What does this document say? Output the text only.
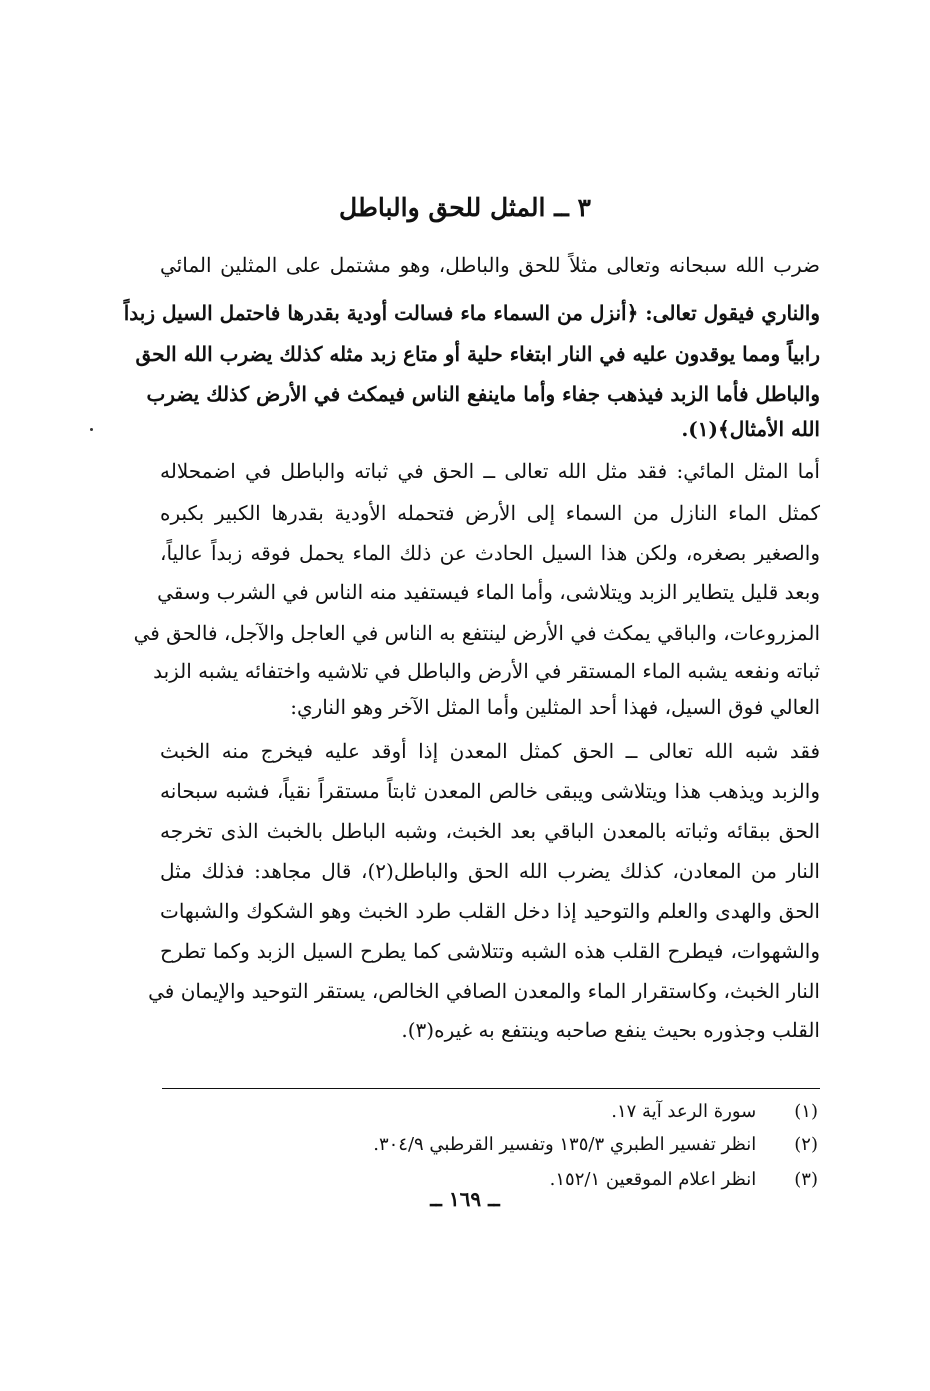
٣ ــ المثل للحق والباطل
ضرب الله سبحانه وتعالى مثلاً للحق والباطل، وهو مشتمل على المثلين المائي
والناري فيقول تعالى: ﴿أنزل من السماء ماء فسالت أودية بقدرها فاحتمل السيل زبداً
رابياً ومما يوقدون عليه في النار ابتغاء حلية أو متاع زبد مثله كذلك يضرب الله الحق
والباطل فأما الزبد فيذهب جفاء وأما ماينفع الناس فيمكث في الأرض كذلك يضرب
الله الأمثال﴾(١).
أما المثل المائي: فقد مثل الله تعالى ــ الحق في ثباته والباطل في اضمحلاله
كمثل الماء النازل من السماء إلى الأرض فتحمله الأودية بقدرها الكبير بكبره
والصغير بصغره، ولكن هذا السيل الحادث عن ذلك الماء يحمل فوقه زبداً عالياً،
وبعد قليل يتطاير الزبد ويتلاشى، وأما الماء فيستفيد منه الناس في الشرب وسقي
المزروعات، والباقي يمكث في الأرض لينتفع به الناس في العاجل والآجل، فالحق في
ثباته ونفعه يشبه الماء المستقر في الأرض والباطل في تلاشيه واختفائه يشبه الزبد
العالي فوق السيل، فهذا أحد المثلين وأما المثل الآخر وهو الناري:
فقد شبه الله تعالى ــ الحق كمثل المعدن إذا أوقد عليه فيخرج منه الخبث
والزبد ويذهب هذا ويتلاشى ويبقى خالص المعدن ثابتاً مستقراً نقياً، فشبه سبحانه
الحق ببقائه وثباته بالمعدن الباقي بعد الخبث، وشبه الباطل بالخبث الذى تخرجه
النار من المعادن، كذلك يضرب الله الحق والباطل(٢)، قال مجاهد: فذلك مثل
الحق والهدى والعلم والتوحيد إذا دخل القلب طرد الخبث وهو الشكوك والشبهات
والشهوات، فيطرح القلب هذه الشبه وتتلاشى كما يطرح السيل الزبد وكما تطرح
النار الخبث، وكاستقرار الماء والمعدن الصافي الخالص، يستقر التوحيد والإيمان في
القلب وجذوره بحيث ينفع صاحبه وينتفع به غيره(٣).
(١) سورة الرعد آية ١٧.
(٢) انظر تفسير الطبري ١٣٥/٣ وتفسير القرطبي ٣٠٤/٩.
(٣) انظر اعلام الموقعين ١٥٢/١.
ــ ١٦٩ ــ
